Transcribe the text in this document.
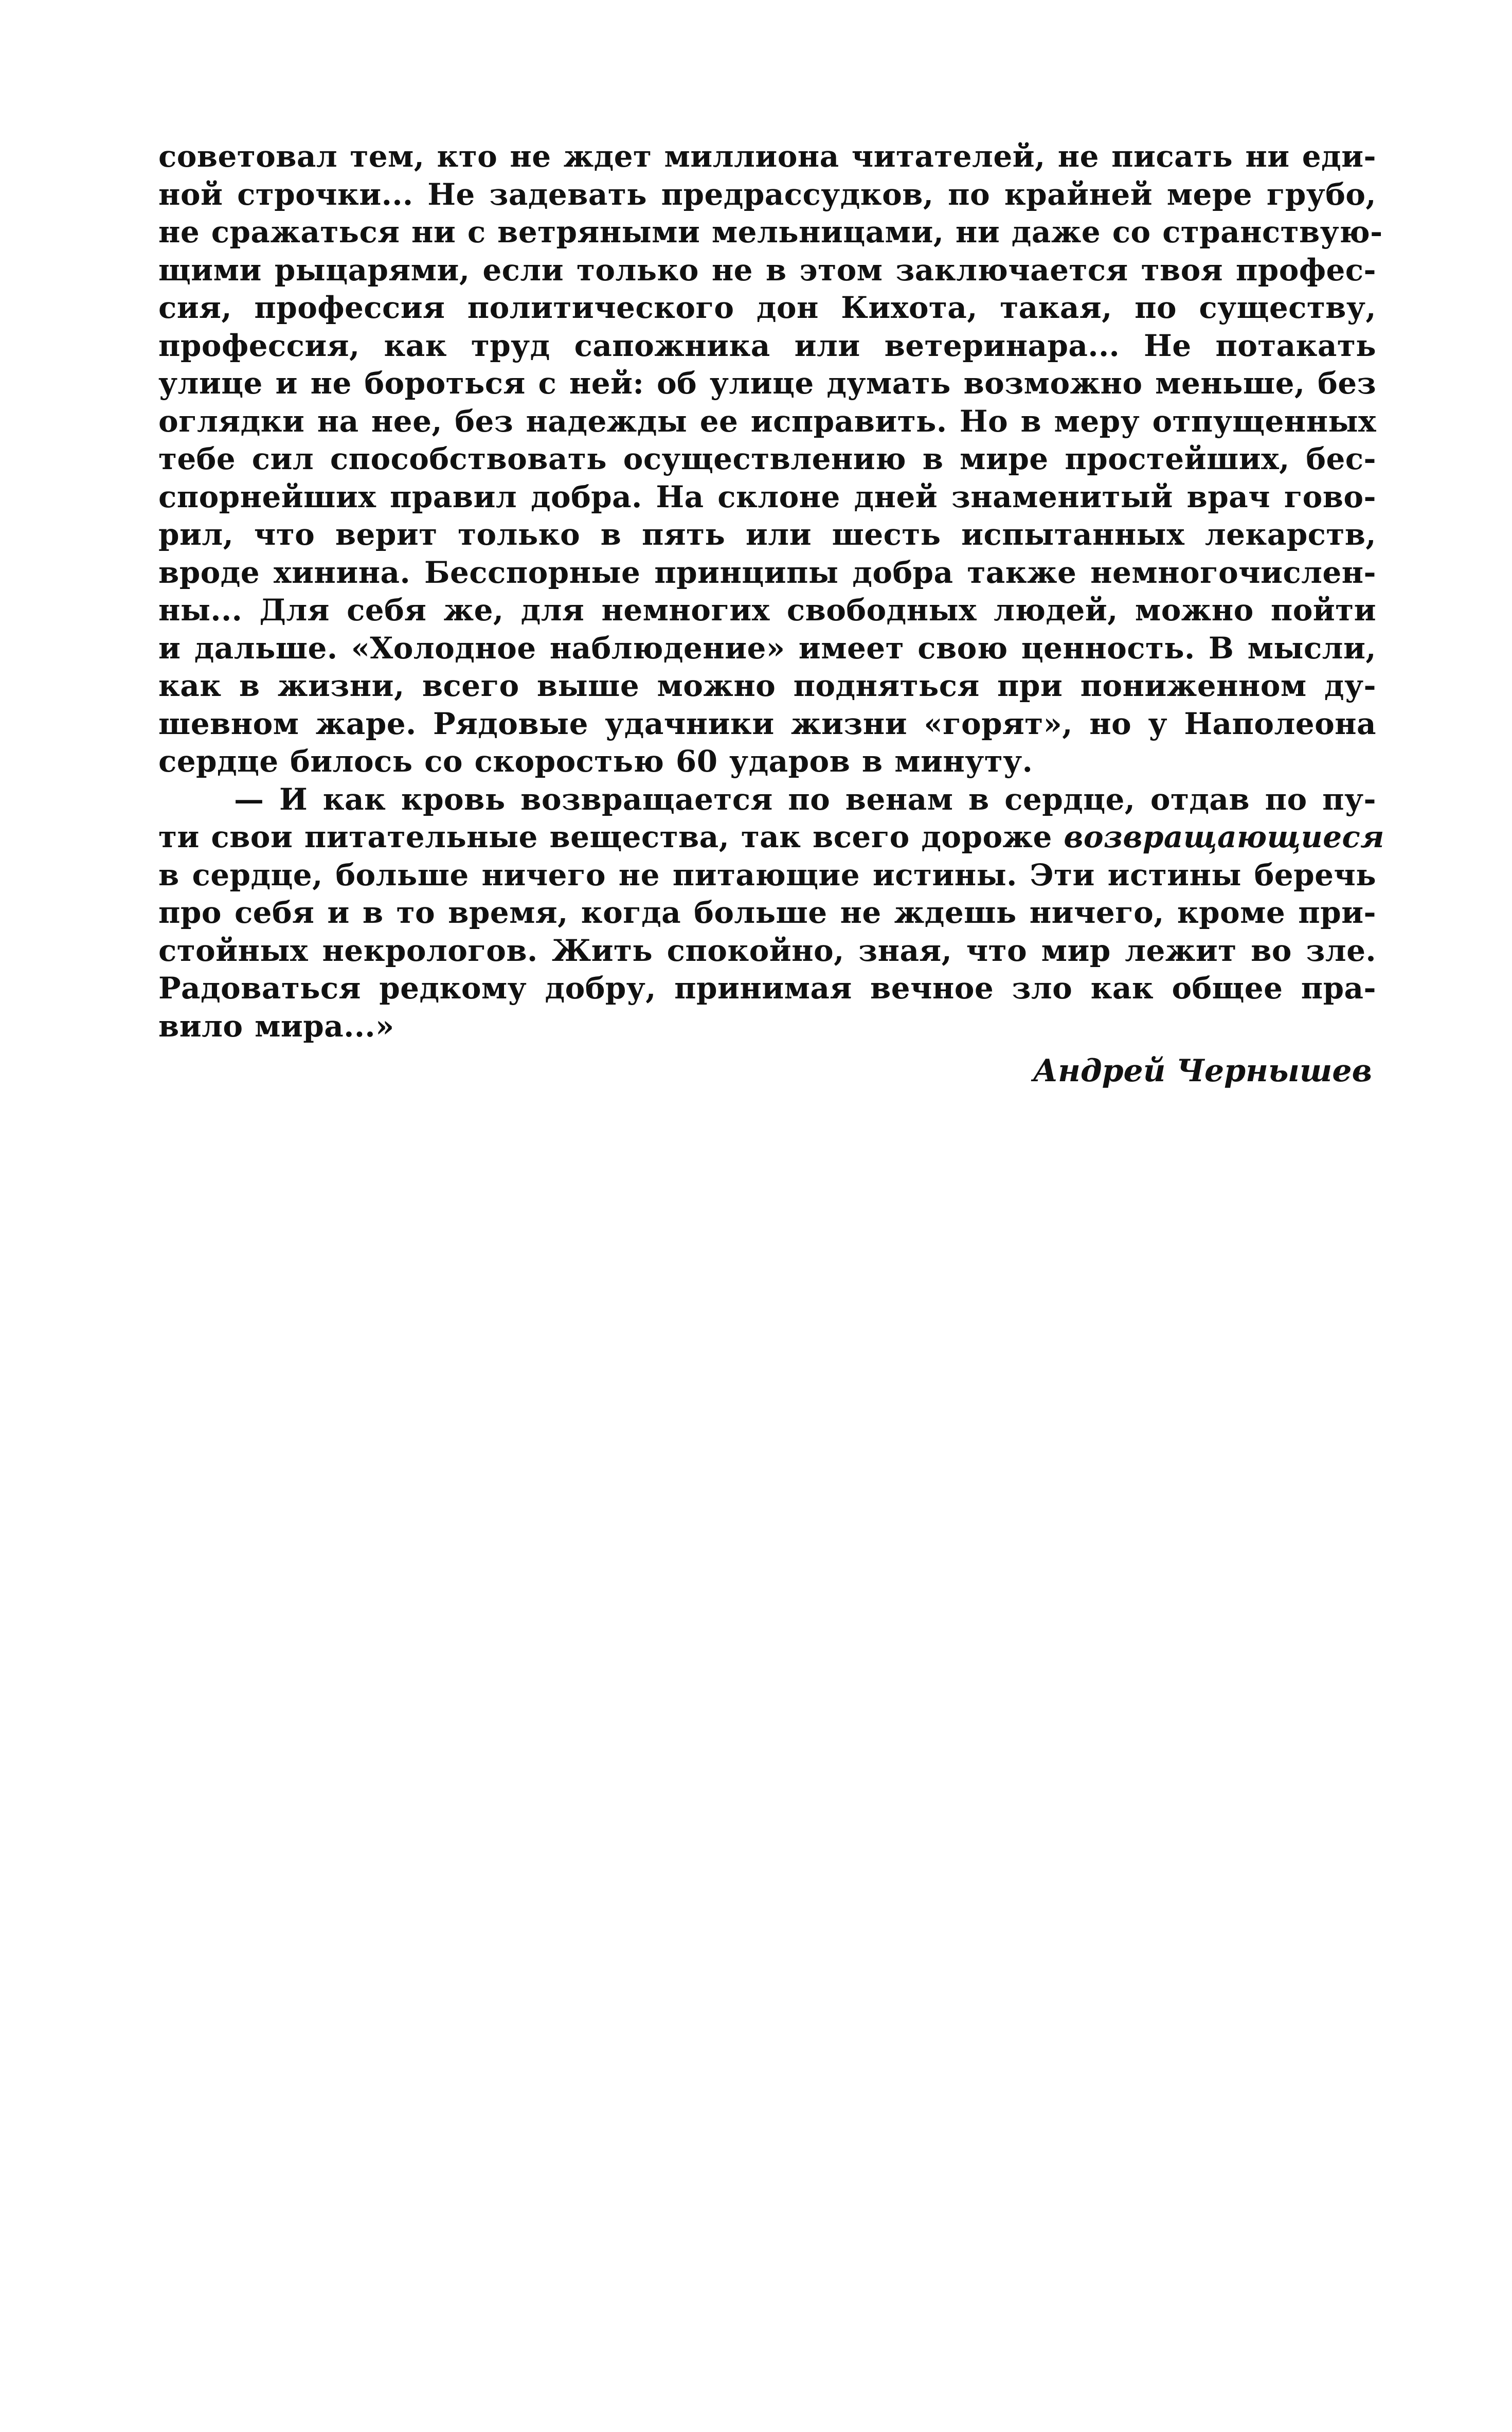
советовал тем, кто не ждет миллиона читателей, не писать ни еди-
ной строчки... Не задевать предрассудков, по крайней мере грубо,
не сражаться ни с ветряными мельницами, ни даже со странствую-
щими рыцарями, если только не в этом заключается твоя профес-
сия, профессия политического дон Кихота, такая, по существу,
профессия, как труд сапожника или ветеринара... Не потакать
улице и не бороться с ней: об улице думать возможно меньше, без
оглядки на нее, без надежды ее исправить. Но в меру отпущенных
тебе сил способствовать осуществлению в мире простейших, бес-
спорнейших правил добра. На склоне дней знаменитый врач гово-
рил, что верит только в пять или шесть испытанных лекарств,
вроде хинина. Бесспорные принципы добра также немногочислен-
ны... Для себя же, для немногих свободных людей, можно пойти
и дальше. «Холодное наблюдение» имеет свою ценность. В мысли,
как в жизни, всего выше можно подняться при пониженном ду-
шевном жаре. Рядовые удачники жизни «горят», но у Наполеона
сердце билось со скоростью 60 ударов в минуту.
— И как кровь возвращается по венам в сердце, отдав по пу-
ти свои питательные вещества, так всего дороже возвращающиеся
в сердце, больше ничего не питающие истины. Эти истины беречь
про себя и в то время, когда больше не ждешь ничего, кроме при-
стойных некрологов. Жить спокойно, зная, что мир лежит во зле.
Радоваться редкому добру, принимая вечное зло как общее пра-
вило мира...»
Андрей Чернышев
